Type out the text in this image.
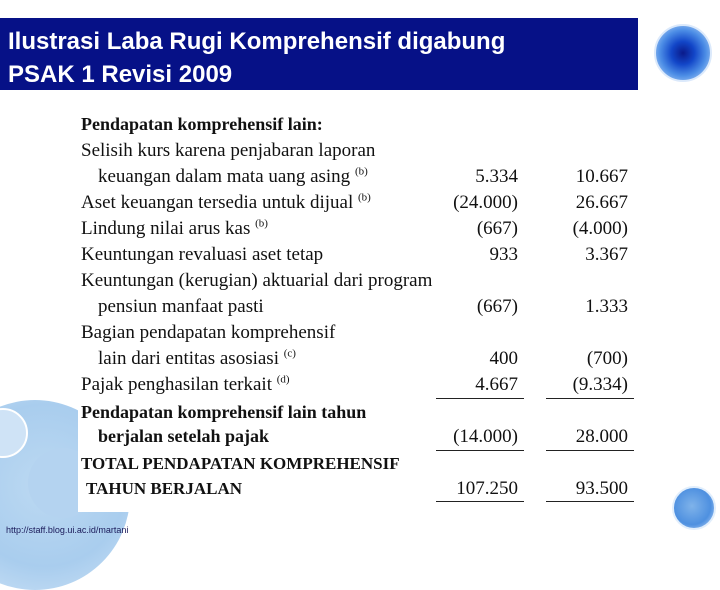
Ilustrasi Laba Rugi Komprehensif digabung
PSAK 1 Revisi 2009
Pendapatan komprehensif lain:
Selisih kurs karena penjabaran laporan
keuangan dalam mata uang asing $^{(b)}$	5.334	10.667
Aset keuangan tersedia untuk dijual $^{(b)}$	(24.000)	26.667
Lindung nilai arus kas $^{(b)}$	(667)	(4.000)
Keuntungan revaluasi aset tetap	933	3.367
Keuntungan (kerugian) aktuarial dari program
pensiun manfaat pasti	(667)	1.333
Bagian pendapatan komprehensif
lain dari entitas asosiasi $^{(c)}$	400	(700)
Pajak penghasilan terkait $^{(d)}$	4.667	(9.334)
Pendapatan komprehensif lain tahun
berjalan setelah pajak	(14.000)	28.000
TOTAL PENDAPATAN KOMPREHENSIF
TAHUN BERJALAN	107.250	93.500
http://staff.blog.ui.ac.id/martani
